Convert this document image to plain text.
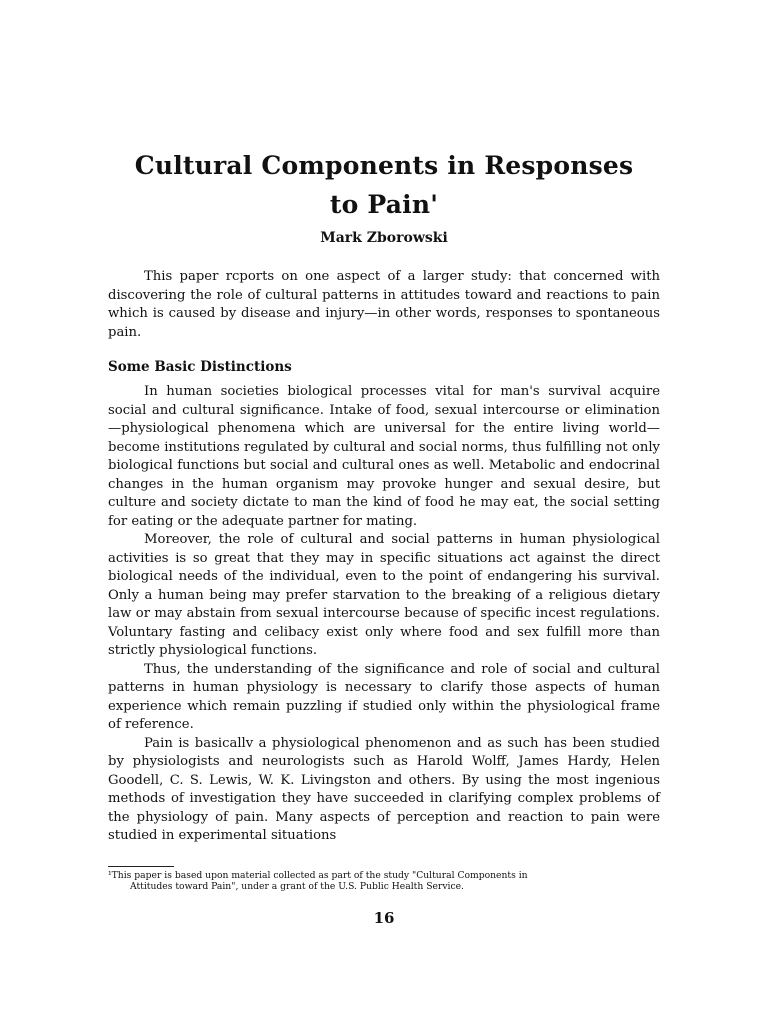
Cultural Components in Responses
to Pain'
Mark Zborowski

This paper rcports on one aspect of a larger study: that concerned with discovering the role of cultural patterns in attitudes toward and reactions to pain which is caused by disease and injury—in other words, responses to spontaneous pain.

Some Basic Distinctions

In human societies biological processes vital for man's survival acquire social and cultural significance. Intake of food, sexual intercourse or elimination—physiological phenomena which are universal for the entire living world—become institutions regulated by cultural and social norms, thus fulfilling not only biological functions but social and cultural ones as well. Metabolic and endocrinal changes in the human organism may provoke hunger and sexual desire, but culture and society dictate to man the kind of food he may eat, the social setting for eating or the adequate partner for mating.

Moreover, the role of cultural and social patterns in human physiological activities is so great that they may in specific situations act against the direct biological needs of the individual, even to the point of endangering his survival. Only a human being may prefer starvation to the breaking of a religious dietary law or may abstain from sexual intercourse because of specific incest regulations. Voluntary fasting and celibacy exist only where food and sex fulfill more than strictly physiological functions.

Thus, the understanding of the significance and role of social and cultural patterns in human physiology is necessary to clarify those aspects of human experience which remain puzzling if studied only within the physiological frame of reference.

Pain is basicallv a physiological phenomenon and as such has been studied by physiologists and neurologists such as Harold Wolff, James Hardy, Helen Goodell, C. S. Lewis, W. K. Livingston and others. By using the most ingenious methods of investigation they have succeeded in clarifying complex problems of the physiology of pain. Many aspects of perception and reaction to pain were studied in experimental situations

¹This paper is based upon material collected as part of the study "Cultural Components in
Attitudes toward Pain", under a grant of the U.S. Public Health Service.
16
